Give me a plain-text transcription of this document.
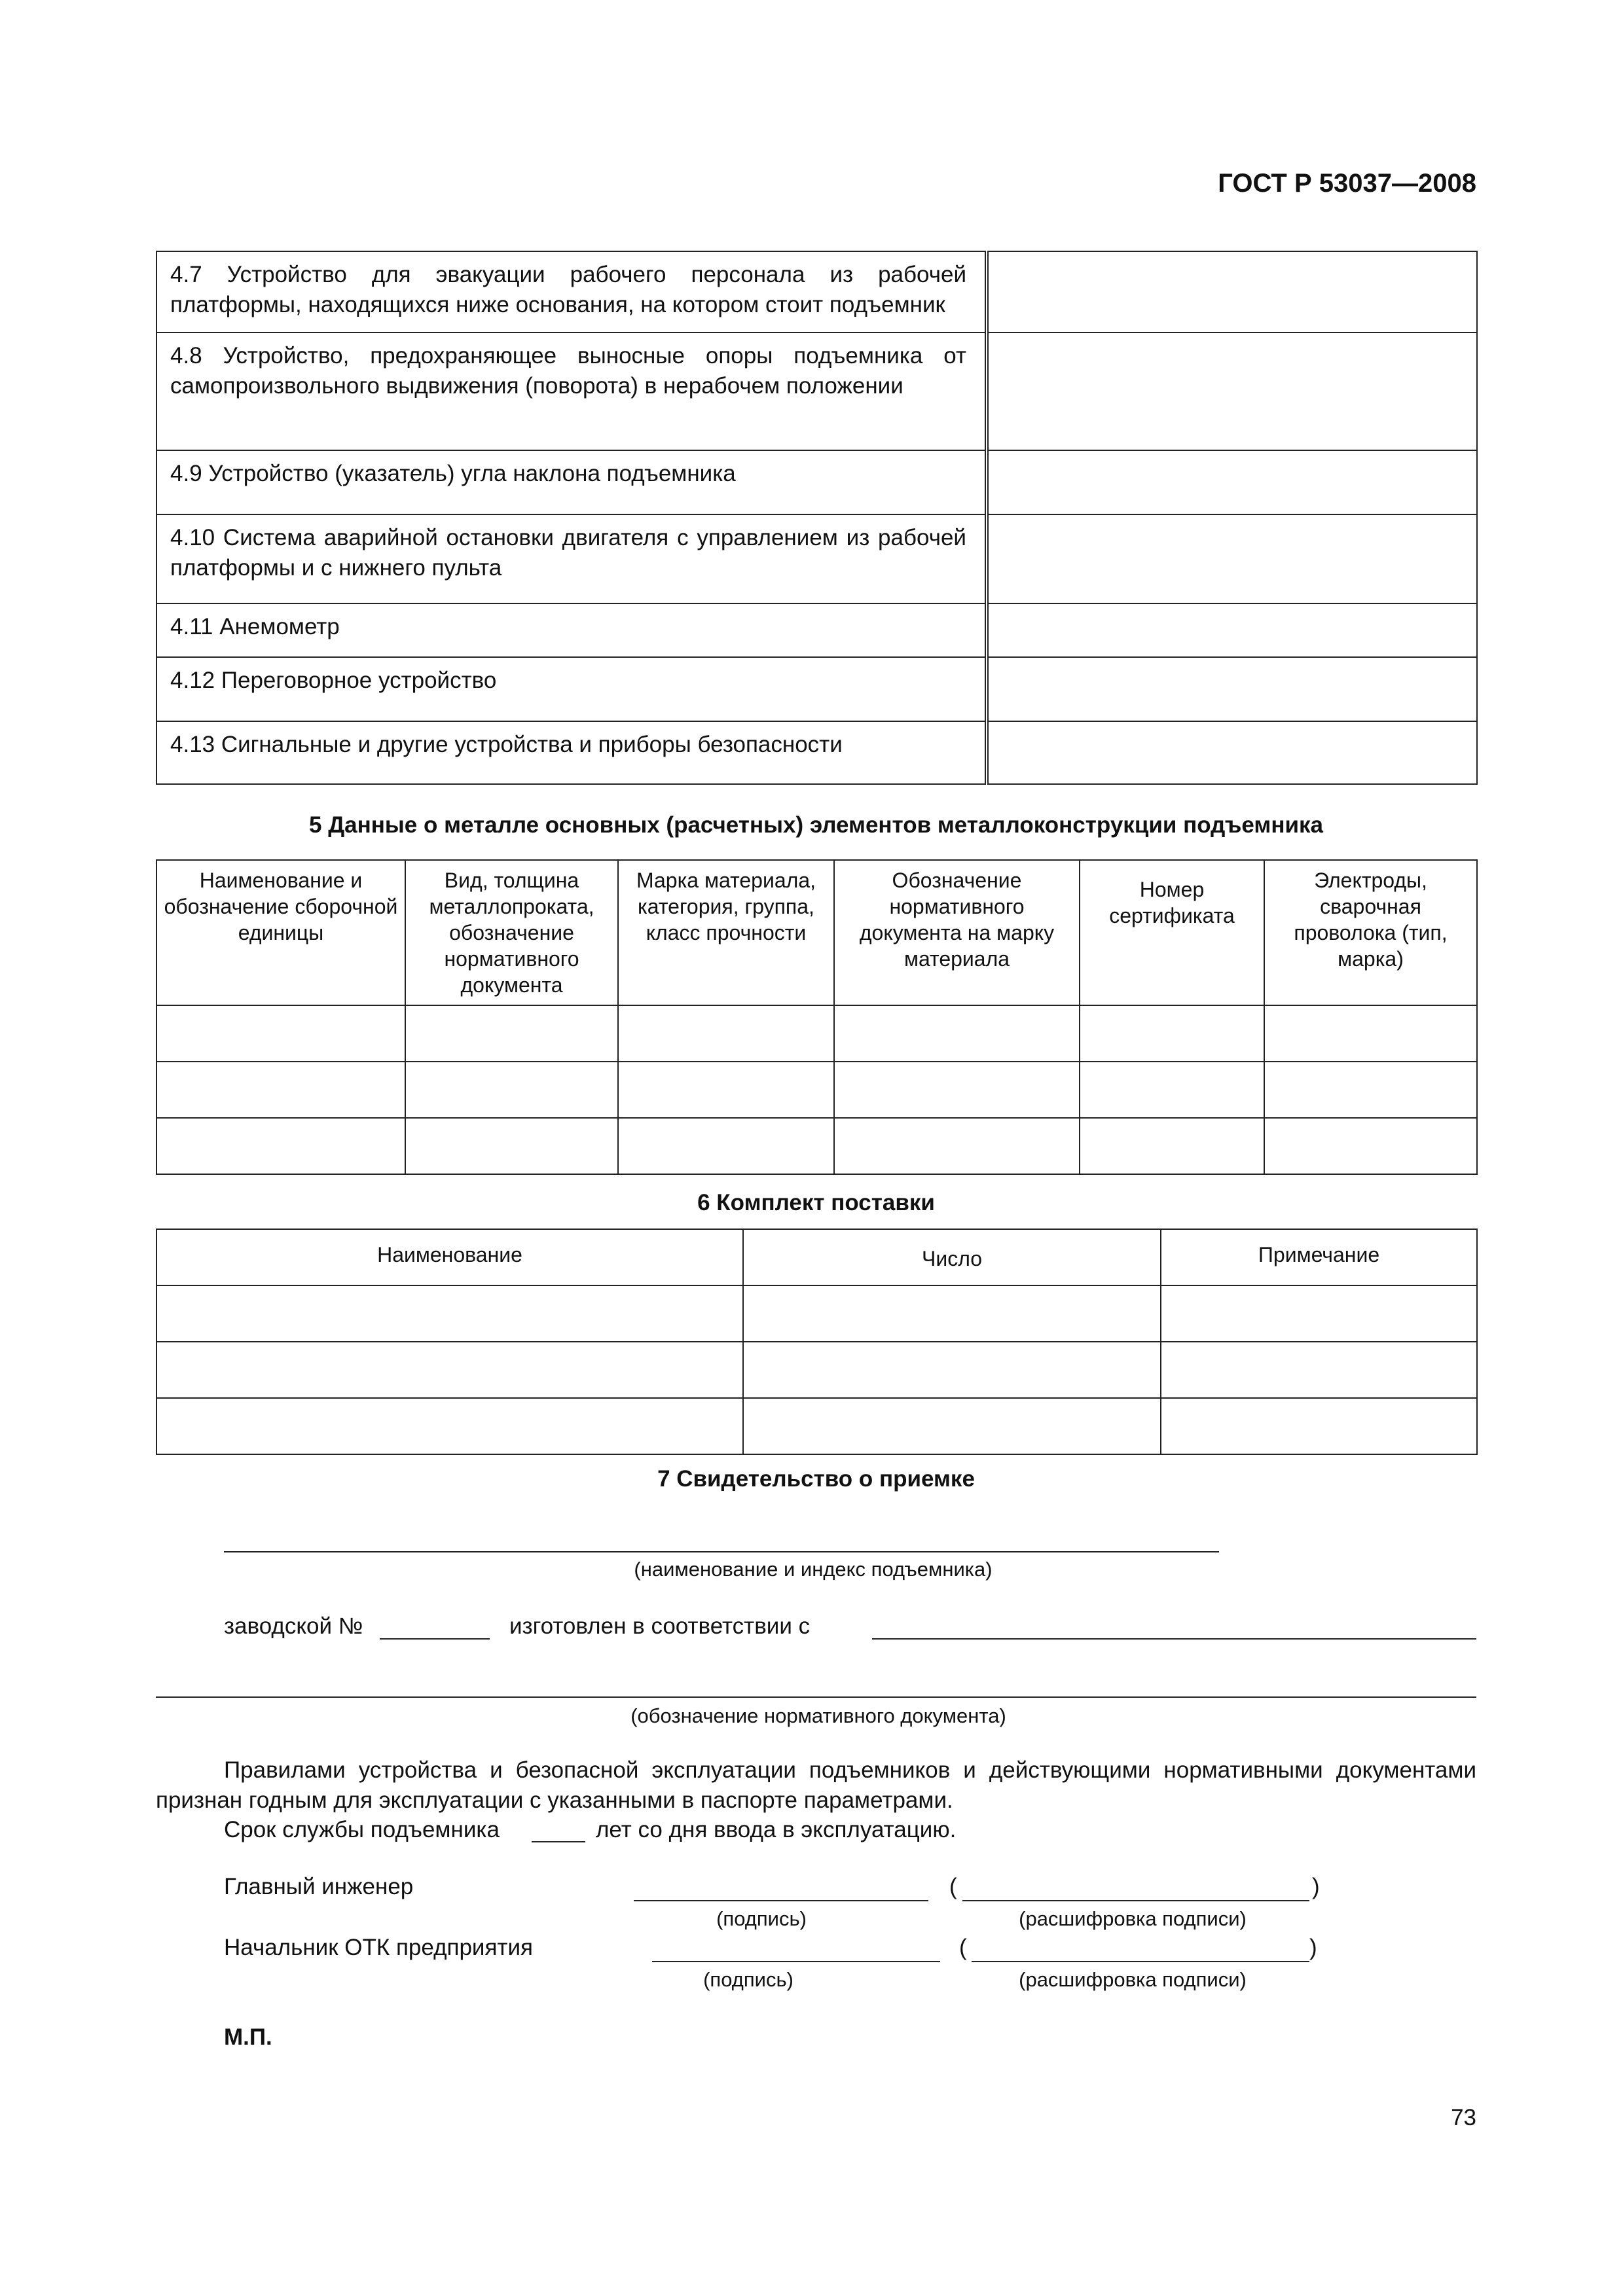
ГОСТ Р 53037—2008
4.7 Устройство для эвакуации рабочего персонала из рабочей платформы, находящихся ниже основания, на котором стоит подъемник	
4.8 Устройство, предохраняющее выносные опоры подъемника от самопроизвольного выдвижения (поворота) в нерабочем положении	
4.9 Устройство (указатель) угла наклона подъемника	
4.10 Система аварийной остановки двигателя с управлением из рабочей платформы и с нижнего пульта	
4.11 Анемометр	
4.12 Переговорное устройство	
4.13 Сигнальные и другие устройства и приборы безопасности	
5 Данные о металле основных (расчетных) элементов металлоконструкции подъемника
Наименование и обозначение сборочной единицы	Вид, толщина металлопроката, обозначение нормативного документа	Марка материала, категория, группа, класс прочности	Обозначение нормативного документа на марку материала	Номер сертификата	Электроды, сварочная проволока (тип, марка)

6 Комплект поставки
Наименование	Число	Примечание

7 Свидетельство о приемке
(наименование и индекс подъемника)
заводской №	изготовлен в соответствии с
(обозначение нормативного документа)
Правилами устройства и безопасной эксплуатации подъемников и действующими нормативными документами признан годным для эксплуатации с указанными в паспорте параметрами.
Срок службы подъемника	лет со дня ввода в эксплуатацию.
Главный инженер	(	)
(подпись)	(расшифровка подписи)
Начальник ОТК предприятия	(	)
(подпись)	(расшифровка подписи)
М.П.
73
